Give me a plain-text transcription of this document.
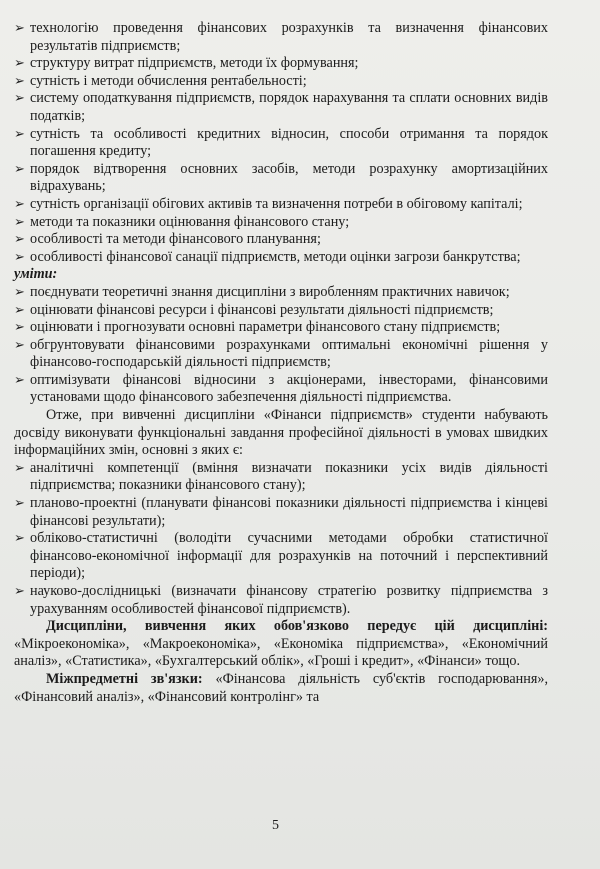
➢ технологію проведення фінансових розрахунків та визначення фінансових результатів підприємств;
➢ структуру витрат підприємств, методи їх формування;
➢ сутність і методи обчислення рентабельності;
➢ систему оподаткування підприємств, порядок нарахування та сплати основних видів податків;
➢ сутність та особливості кредитних відносин, способи отримання та порядок погашення кредиту;
➢ порядок відтворення основних засобів, методи розрахунку амортизаційних відрахувань;
➢ сутність організації обігових активів та визначення потреби в обіговому капіталі;
➢ методи та показники оцінювання фінансового стану;
➢ особливості та методи фінансового планування;
➢ особливості фінансової санації підприємств, методи оцінки загрози банкрутства;
уміти:
➢ поєднувати теоретичні знання дисципліни з виробленням практичних навичок;
➢ оцінювати фінансові ресурси і фінансові результати діяльності підприємств;
➢ оцінювати і прогнозувати основні параметри фінансового стану підприємств;
➢ обгрунтовувати фінансовими розрахунками оптимальні економічні рішення у фінансово-господарській діяльності підприємств;
➢ оптимізувати фінансові відносини з акціонерами, інвесторами, фінансовими установами щодо фінансового забезпечення діяльності підприємства.

Отже, при вивченні дисципліни «Фінанси підприємств» студенти набувають досвіду виконувати функціональні завдання професійної діяльності в умовах швидких інформаційних змін, основні з яких є:

➢ аналітичні компетенції (вміння визначати показники усіх видів діяльності підприємства; показники фінансового стану);
➢ планово-проектні (планувати фінансові показники діяльності підприємства і кінцеві фінансові результати);
➢ обліково-статистичні (володіти сучасними методами обробки статистичної фінансово-економічної інформації для розрахунків на поточний і перспективний періоди);
➢ науково-дослідницькі (визначати фінансову стратегію розвитку підприємства з урахуванням особливостей фінансової підприємств).

Дисципліни, вивчення яких обов'язково передує цій дисципліні: «Мікроекономіка», «Макроекономіка», «Економіка підприємства», «Економічний аналіз», «Статистика», «Бухгалтерський облік», «Гроші і кредит», «Фінанси» тощо.

Міжпредметні зв'язки: «Фінансова діяльність суб'єктів господарювання», «Фінансовий аналіз», «Фінансовий контролінг» та

5
